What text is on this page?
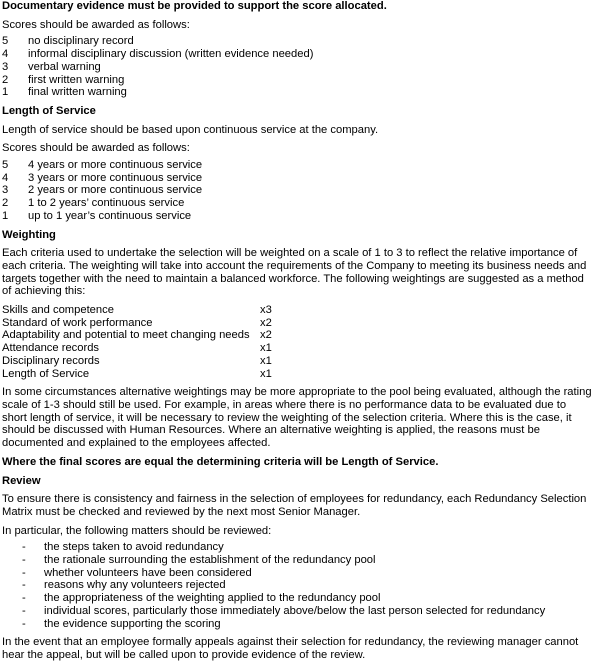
Documentary evidence must be provided to support the score allocated.

Scores should be awarded as follows:

5	no disciplinary record
4	informal disciplinary discussion (written evidence needed)
3	verbal warning
2	first written warning
1	final written warning

Length of Service

Length of service should be based upon continuous service at the company.

Scores should be awarded as follows:

5	4 years or more continuous service
4	3 years or more continuous service
3	2 years or more continuous service
2	1 to 2 years’ continuous service
1	up to 1 year’s continuous service

Weighting

Each criteria used to undertake the selection will be weighted on a scale of 1 to 3 to reflect the relative importance of each criteria. The weighting will take into account the requirements of the Company to meeting its business needs and targets together with the need to maintain a balanced workforce. The following weightings are suggested as a method of achieving this:

Skills and competence	x3
Standard of work performance	x2
Adaptability and potential to meet changing needs x2
Attendance records	x1
Disciplinary records	x1
Length of Service	x1

In some circumstances alternative weightings may be more appropriate to the pool being evaluated, although the rating scale of 1-3 should still be used. For example, in areas where there is no performance data to be evaluated due to short length of service, it will be necessary to review the weighting of the selection criteria. Where this is the case, it should be discussed with Human Resources. Where an alternative weighting is applied, the reasons must be documented and explained to the employees affected.

Where the final scores are equal the determining criteria will be Length of Service.

Review

To ensure there is consistency and fairness in the selection of employees for redundancy, each Redundancy Selection Matrix must be checked and reviewed by the next most Senior Manager.

In particular, the following matters should be reviewed:

-	the steps taken to avoid redundancy
-	the rationale surrounding the establishment of the redundancy pool
-	whether volunteers have been considered
-	reasons why any volunteers rejected
-	the appropriateness of the weighting applied to the redundancy pool
-	individual scores, particularly those immediately above/below the last person selected for redundancy
-	the evidence supporting the scoring

In the event that an employee formally appeals against their selection for redundancy, the reviewing manager cannot hear the appeal, but will be called upon to provide evidence of the review.
